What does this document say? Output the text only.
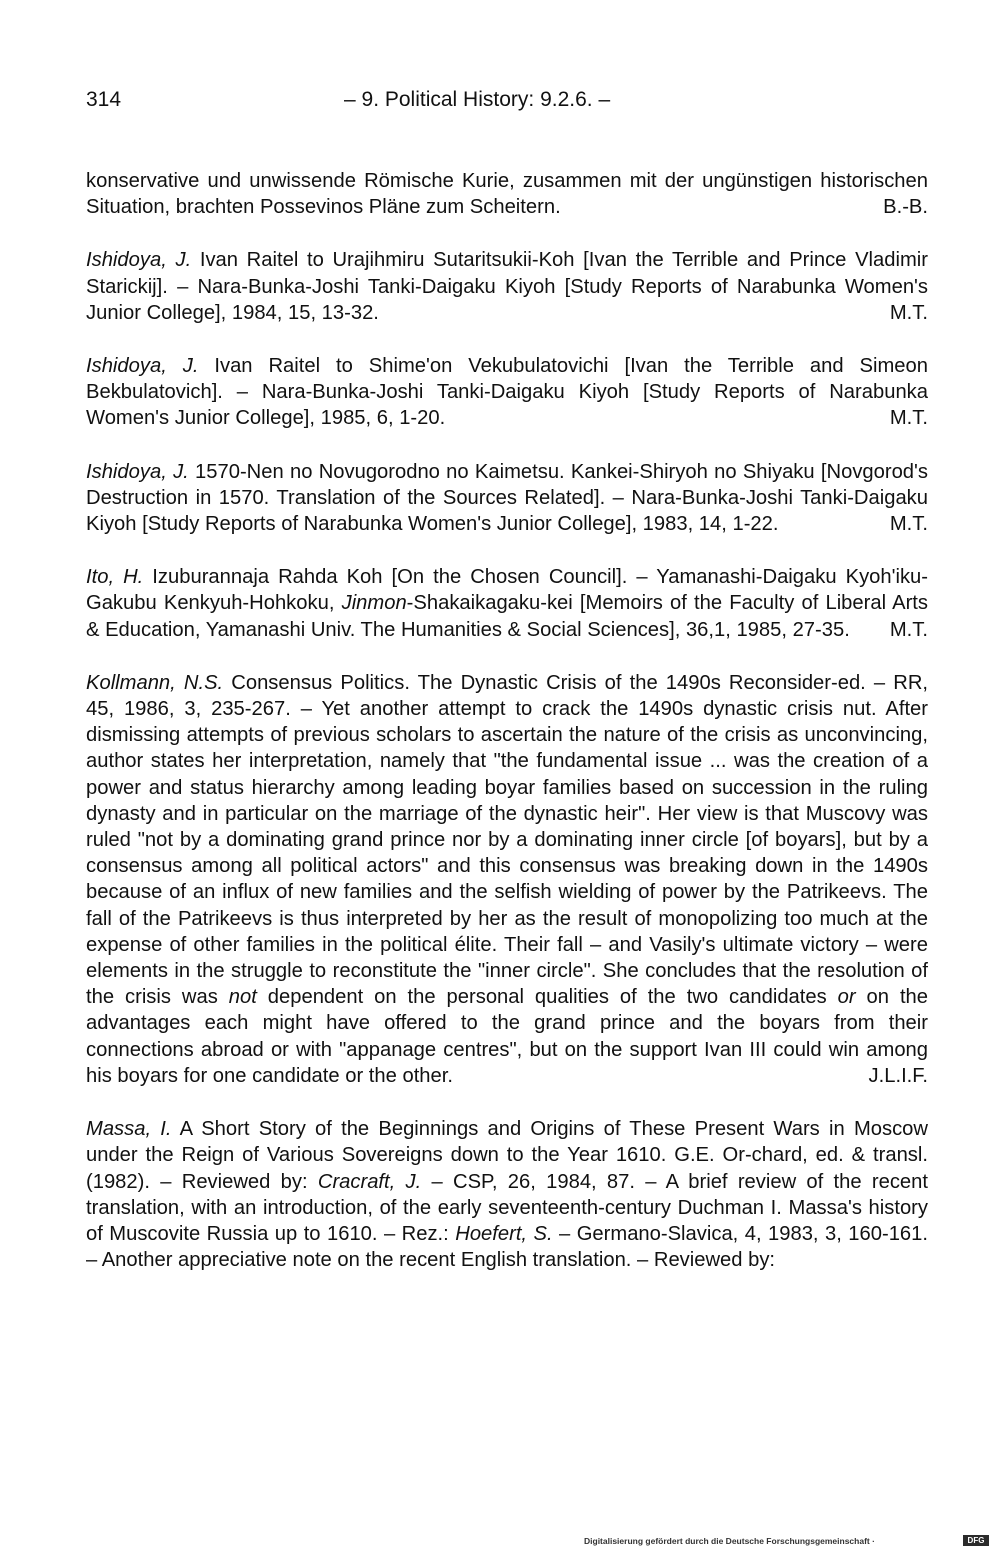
314	– 9. Political History: 9.2.6. –

konservative und unwissende Römische Kurie, zusammen mit der ungünstigen historischen Situation, brachten Possevinos Pläne zum Scheitern.	B.-B.

Ishidoya, J. Ivan Raitel to Urajihmiru Sutaritsukii-Koh [Ivan the Terrible and Prince Vladimir Starickij]. – Nara-Bunka-Joshi Tanki-Daigaku Kiyoh [Study Reports of Narabunka Women's Junior College], 1984, 15, 13-32.	M.T.

Ishidoya, J. Ivan Raitel to Shime'on Vekubulatovichi [Ivan the Terrible and Simeon Bekbulatovich]. – Nara-Bunka-Joshi Tanki-Daigaku Kiyoh [Study Reports of Narabunka Women's Junior College], 1985, 6, 1-20.	M.T.

Ishidoya, J. 1570-Nen no Novugorodno no Kaimetsu. Kankei-Shiryoh no Shiyaku [Novgorod's Destruction in 1570. Translation of the Sources Related]. – Nara-Bunka-Joshi Tanki-Daigaku Kiyoh [Study Reports of Narabunka Women's Junior College], 1983, 14, 1-22.	M.T.

Ito, H. Izuburannaja Rahda Koh [On the Chosen Council]. – Yamanashi-Daigaku Kyoh'iku-Gakubu Kenkyuh-Hohkoku, Jinmon-Shakaikagaku-kei [Memoirs of the Faculty of Liberal Arts & Education, Yamanashi Univ. The Humanities & Social Sciences], 36,1, 1985, 27-35. M.T.

Kollmann, N.S. Consensus Politics. The Dynastic Crisis of the 1490s Reconsider-ed. – RR, 45, 1986, 3, 235-267. – Yet another attempt to crack the 1490s dynastic crisis nut. After dismissing attempts of previous scholars to ascertain the nature of the crisis as unconvincing, author states her interpretation, namely that "the fundamental issue ... was the creation of a power and status hierarchy among leading boyar families based on succession in the ruling dynasty and in particular on the marriage of the dynastic heir". Her view is that Muscovy was ruled "not by a dominating grand prince nor by a dominating inner circle [of boyars], but by a consensus among all political actors" and this consensus was breaking down in the 1490s because of an influx of new families and the selfish wielding of power by the Patrikeevs. The fall of the Patrikeevs is thus interpreted by her as the result of monopolizing too much at the expense of other families in the political élite. Their fall – and Vasily's ultimate victory – were elements in the struggle to reconstitute the "inner circle". She concludes that the resolution of the crisis was not dependent on the personal qualities of the two candidates or on the advantages each might have offered to the grand prince and the boyars from their connections abroad or with "appanage centres", but on the support Ivan III could win among his boyars for one candidate or the other.	J.L.I.F.

Massa, I. A Short Story of the Beginnings and Origins of These Present Wars in Moscow under the Reign of Various Sovereigns down to the Year 1610. G.E. Or-chard, ed. & transl. (1982). – Reviewed by: Cracraft, J. – CSP, 26, 1984, 87. – A brief review of the recent translation, with an introduction, of the early seventeenth-century Duchman I. Massa's history of Muscovite Russia up to 1610. – Rez.: Hoefert, S. – Germano-Slavica, 4, 1983, 3, 160-161. – Another appreciative note on the recent English translation. – Reviewed by:

Digitalisierung gefördert durch die Deutsche Forschungsgemeinschaft ·	DFG
